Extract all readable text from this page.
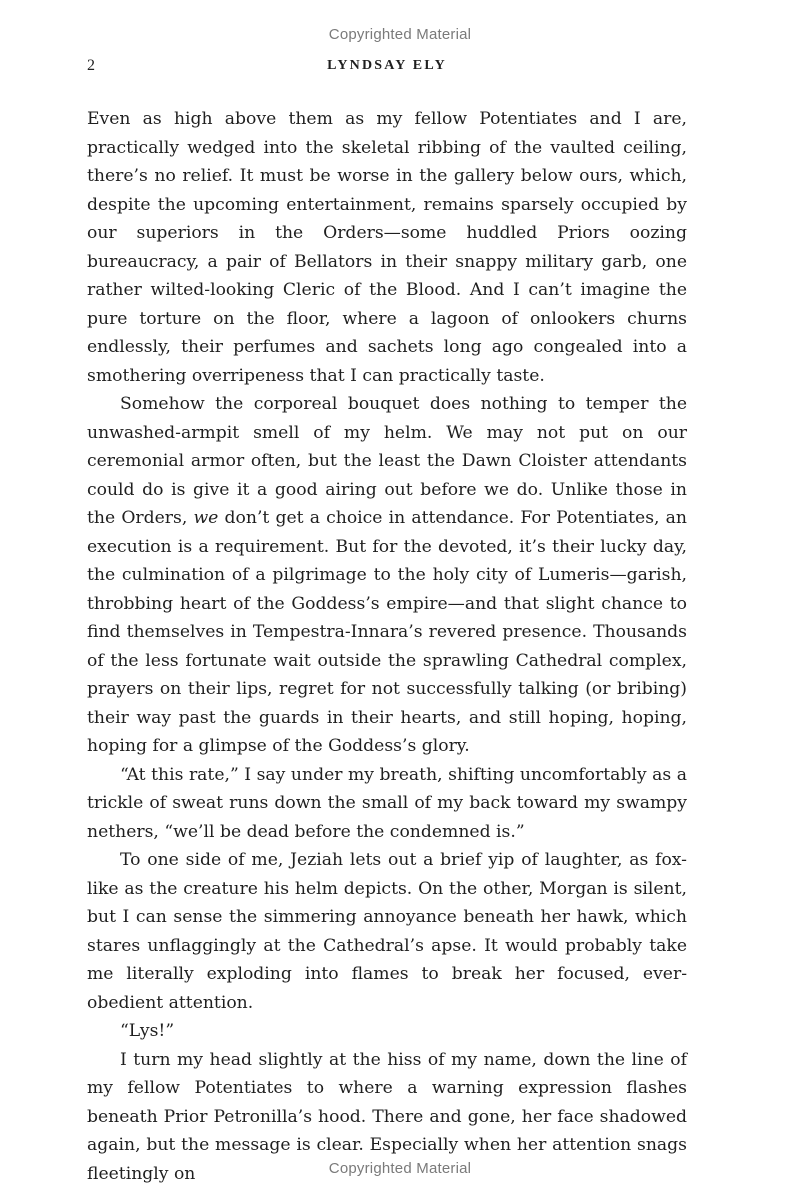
Copyrighted Material
2	LYNDSAY ELY

Even as high above them as my fellow Potentiates and I are, practically wedged into the skeletal ribbing of the vaulted ceiling, there’s no relief. It must be worse in the gallery below ours, which, despite the upcoming entertainment, remains sparsely occupied by our superiors in the Orders—some huddled Priors oozing bureaucracy, a pair of Bellators in their snappy military garb, one rather wilted-looking Cleric of the Blood. And I can’t imagine the pure torture on the floor, where a lagoon of onlookers churns endlessly, their perfumes and sachets long ago congealed into a smothering overripeness that I can practically taste.

Somehow the corporeal bouquet does nothing to temper the unwashed-armpit smell of my helm. We may not put on our ceremonial armor often, but the least the Dawn Cloister attendants could do is give it a good airing out before we do. Unlike those in the Orders, we don’t get a choice in attendance. For Potentiates, an execution is a requirement. But for the devoted, it’s their lucky day, the culmination of a pilgrimage to the holy city of Lumeris—garish, throbbing heart of the Goddess’s empire—and that slight chance to find themselves in Tempestra-Innara’s revered presence. Thousands of the less fortunate wait outside the sprawling Cathedral complex, prayers on their lips, regret for not successfully talking (or bribing) their way past the guards in their hearts, and still hoping, hoping, hoping for a glimpse of the Goddess’s glory.

“At this rate,” I say under my breath, shifting uncomfortably as a trickle of sweat runs down the small of my back toward my swampy nethers, “we’ll be dead before the condemned is.”

To one side of me, Jeziah lets out a brief yip of laughter, as fox-like as the creature his helm depicts. On the other, Morgan is silent, but I can sense the simmering annoyance beneath her hawk, which stares unflaggingly at the Cathedral’s apse. It would probably take me literally exploding into flames to break her focused, ever-obedient attention.

“Lys!”

I turn my head slightly at the hiss of my name, down the line of my fellow Potentiates to where a warning expression flashes beneath Prior Petronilla’s hood. There and gone, her face shadowed again, but the message is clear. Especially when her attention snags fleetingly on	Copyrighted Material
